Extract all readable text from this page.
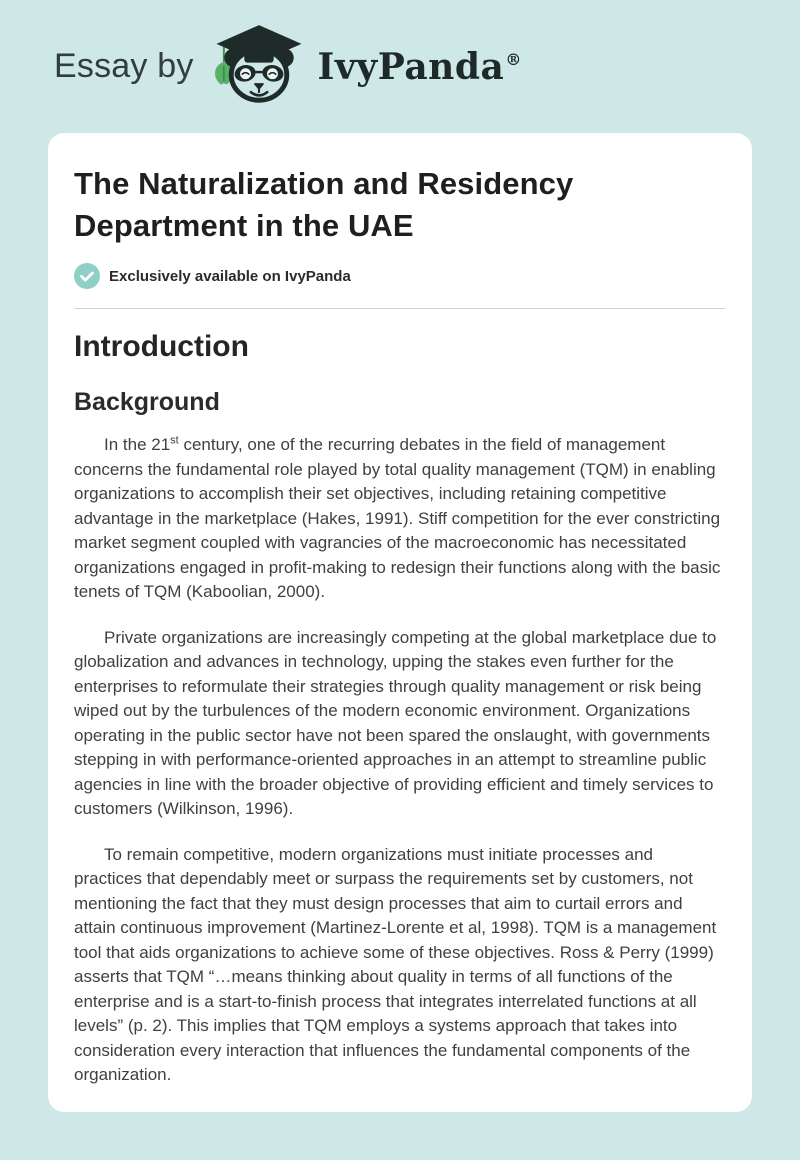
Essay by	IvyPanda®
The Naturalization and Residency Department in the UAE
Exclusively available on IvyPanda
Introduction
Background

In the 21st century, one of the recurring debates in the field of management concerns the fundamental role played by total quality management (TQM) in enabling organizations to accomplish their set objectives, including retaining competitive advantage in the marketplace (Hakes, 1991). Stiff competition for the ever constricting market segment coupled with vagrancies of the macroeconomic has necessitated organizations engaged in profit-making to redesign their functions along with the basic tenets of TQM (Kaboolian, 2000).

Private organizations are increasingly competing at the global marketplace due to globalization and advances in technology, upping the stakes even further for the enterprises to reformulate their strategies through quality management or risk being wiped out by the turbulences of the modern economic environment. Organizations operating in the public sector have not been spared the onslaught, with governments stepping in with performance-oriented approaches in an attempt to streamline public agencies in line with the broader objective of providing efficient and timely services to customers (Wilkinson, 1996).

To remain competitive, modern organizations must initiate processes and practices that dependably meet or surpass the requirements set by customers, not mentioning the fact that they must design processes that aim to curtail errors and attain continuous improvement (Martinez-Lorente et al, 1998). TQM is a management tool that aids organizations to achieve some of these objectives. Ross & Perry (1999) asserts that TQM “…means thinking about quality in terms of all functions of the enterprise and is a start-to-finish process that integrates interrelated functions at all levels” (p. 2). This implies that TQM employs a systems approach that takes into consideration every interaction that influences the fundamental components of the organization.
